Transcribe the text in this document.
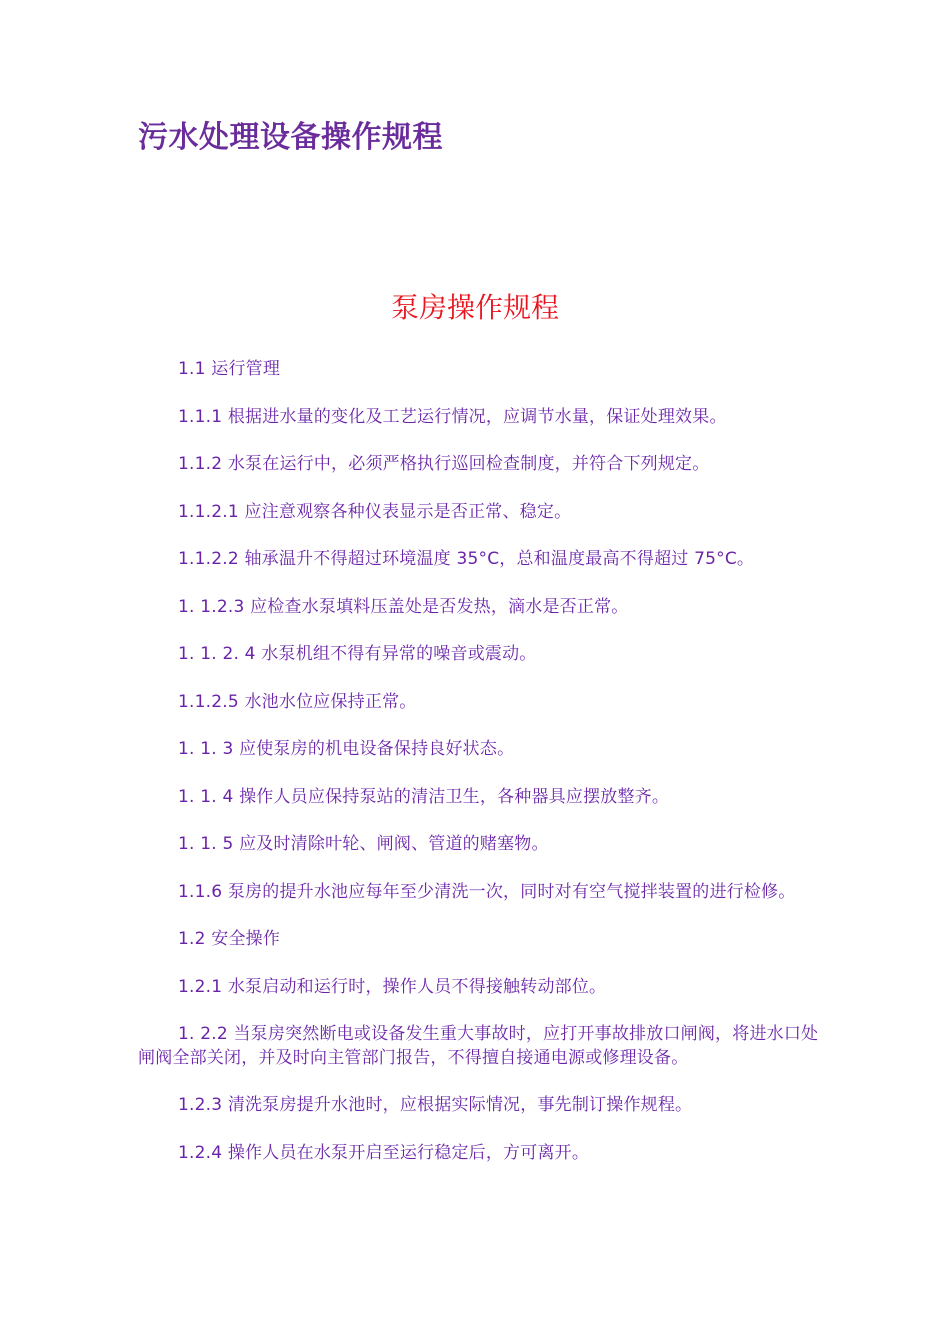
污水处理设备操作规程
泵房操作规程
1.1 运行管理
1.1.1 根据进水量的变化及工艺运行情况，应调节水量，保证处理效果。
1.1.2 水泵在运行中，必须严格执行巡回检查制度，并符合下列规定。
1.1.2.1 应注意观察各种仪表显示是否正常、稳定。
1.1.2.2 轴承温升不得超过环境温度 35°C，总和温度最高不得超过 75°C。
1. 1.2.3 应检查水泵填料压盖处是否发热，滴水是否正常。
1. 1. 2. 4 水泵机组不得有异常的噪音或震动。
1.1.2.5 水池水位应保持正常。
1. 1. 3 应使泵房的机电设备保持良好状态。
1. 1. 4 操作人员应保持泵站的清洁卫生，各种器具应摆放整齐。
1. 1. 5 应及时清除叶轮、闸阀、管道的赌塞物。
1.1.6 泵房的提升水池应每年至少清洗一次，同时对有空气搅拌装置的进行检修。
1.2 安全操作
1.2.1 水泵启动和运行时，操作人员不得接触转动部位。
1. 2.2 当泵房突然断电或设备发生重大事故时，应打开事故排放口闸阀，将进水口处闸阀全部关闭，并及时向主管部门报告，不得擅自接通电源或修理设备。
1.2.3 清洗泵房提升水池时，应根据实际情况，事先制订操作规程。
1.2.4 操作人员在水泵开启至运行稳定后，方可离开。
